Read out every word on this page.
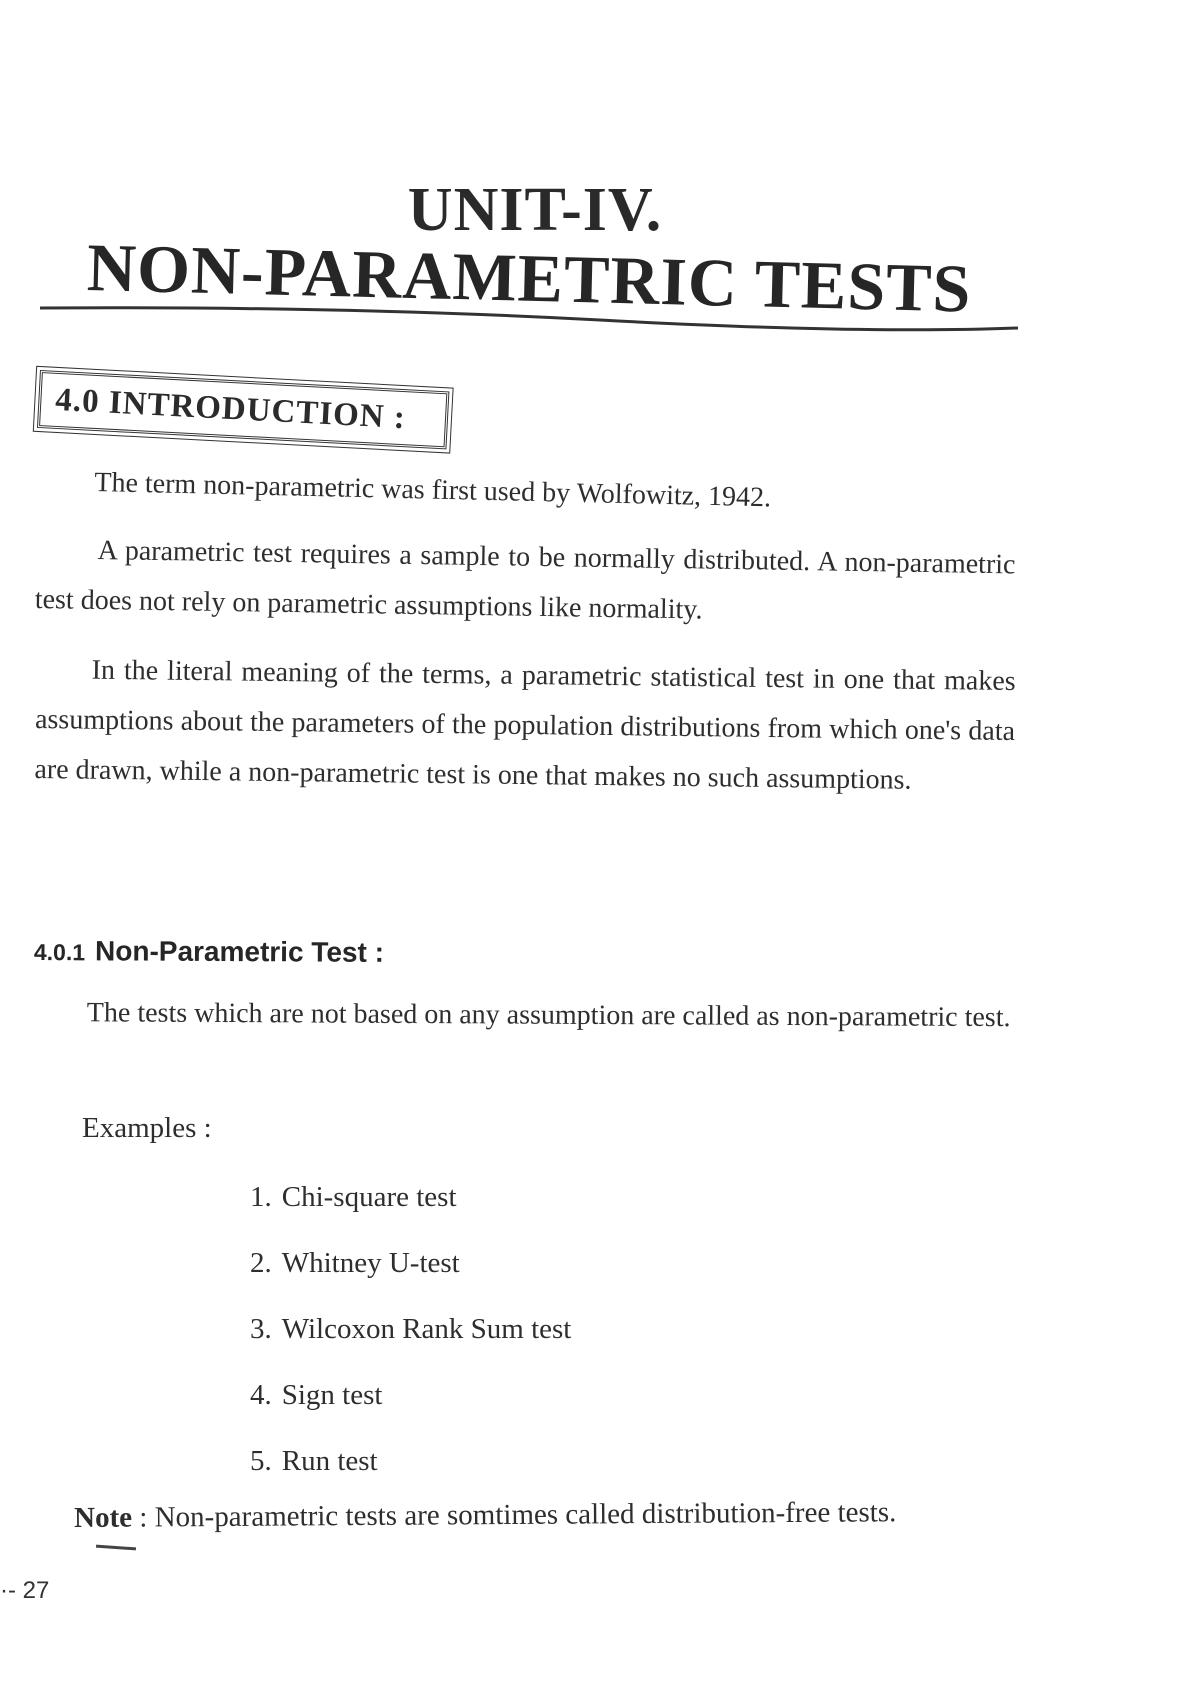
UNIT-IV.
NON-PARAMETRIC TESTS
4.0 INTRODUCTION :
The term non-parametric was first used by Wolfowitz, 1942.
A parametric test requires a sample to be normally distributed. A non-parametric test does not rely on parametric assumptions like normality.
In the literal meaning of the terms, a parametric statistical test in one that makes assumptions about the parameters of the population distributions from which one's data are drawn, while a non-parametric test is one that makes no such assumptions.
4.0.1 Non-Parametric Test :
The tests which are not based on any assumption are called as non-parametric test.
Examples :
1. Chi-square test
2. Whitney U-test
3. Wilcoxon Rank Sum test
4. Sign test
5. Run test
Note : Non-parametric tests are somtimes called distribution-free tests.
·- 27
